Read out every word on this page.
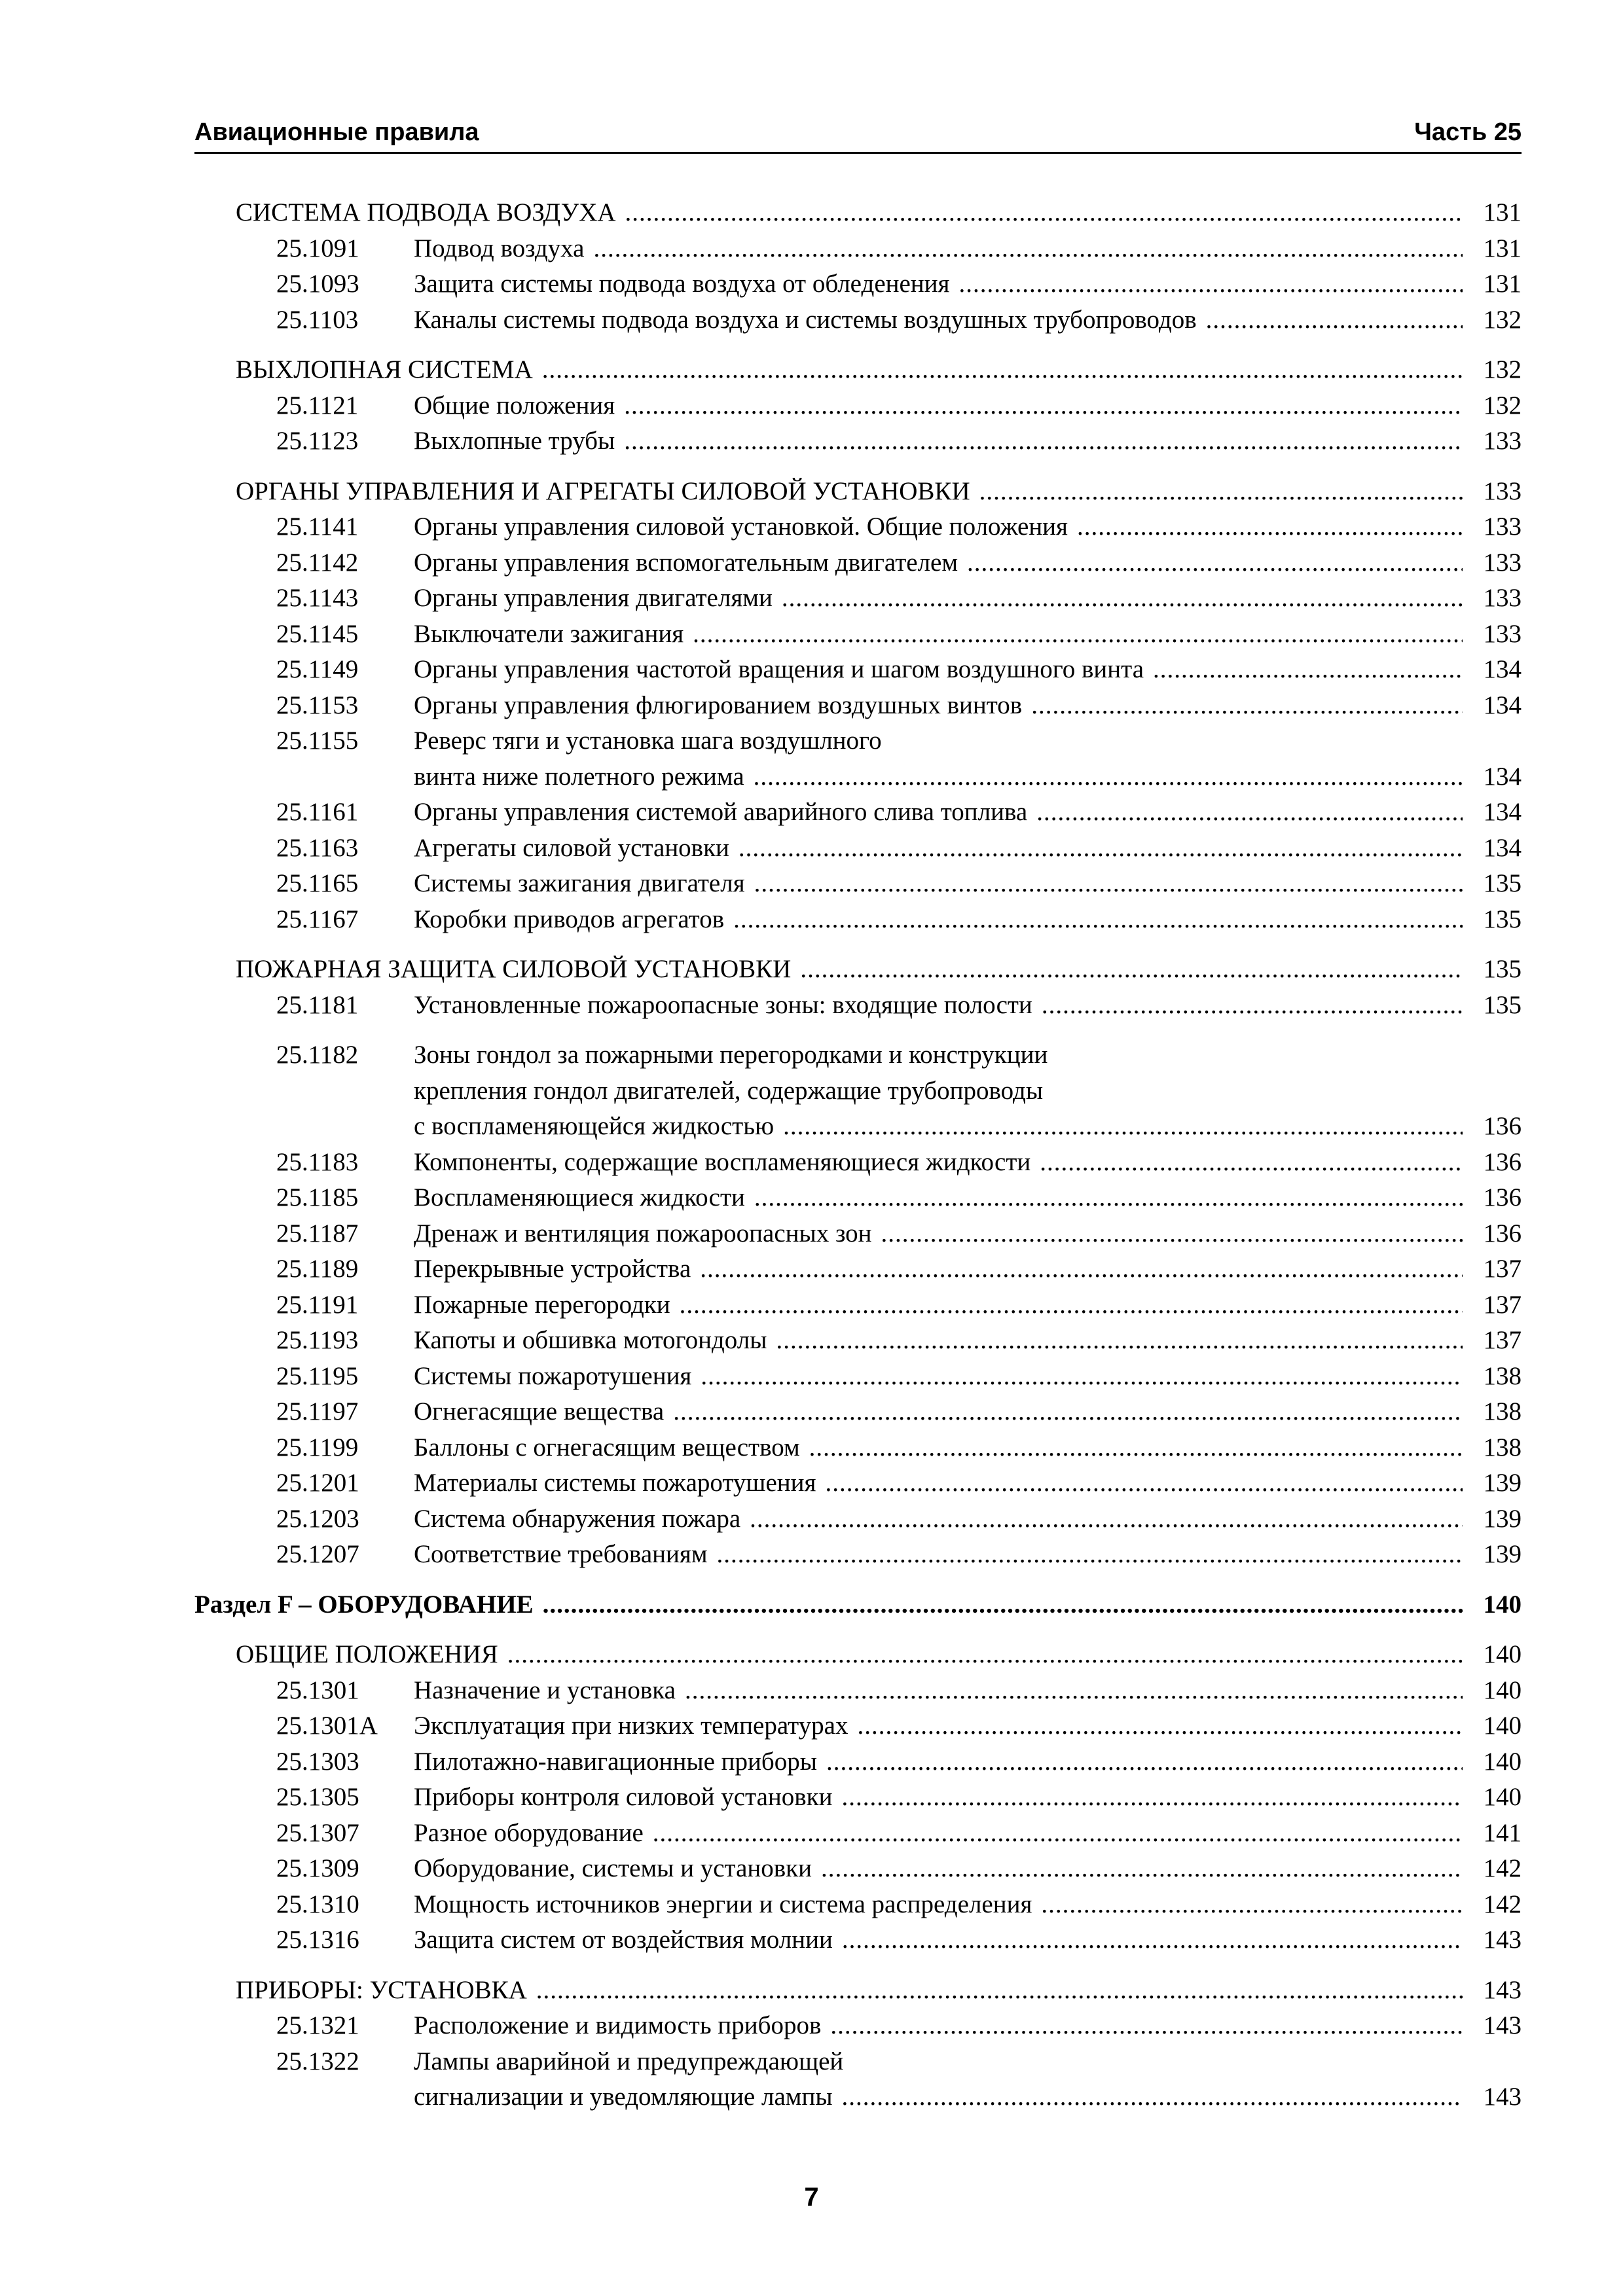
Авиационные правила	Часть 25
СИСТЕМА ПОДВОДА ВОЗДУХА .....	131
25.1091	Подвод воздуха .....	131
25.1093	Защита системы подвода воздуха от обледенения .....	131
25.1103	Каналы системы подвода воздуха и системы воздушных трубопроводов .....	132
ВЫХЛОПНАЯ СИСТЕМА .....	132
25.1121	Общие положения .....	132
25.1123	Выхлопные трубы .....	133
ОРГАНЫ УПРАВЛЕНИЯ И АГРЕГАТЫ СИЛОВОЙ УСТАНОВКИ .....	133
25.1141	Органы управления силовой установкой. Общие положения .....	133
25.1142	Органы управления вспомогательным двигателем .....	133
25.1143	Органы управления двигателями .....	133
25.1145	Выключатели зажигания .....	133
25.1149	Органы управления частотой вращения и шагом воздушного винта .....	134
25.1153	Органы управления флюгированием воздушных винтов .....	134
25.1155	Реверс тяги и установка шага воздушлного
винта ниже полетного режима .....	134
25.1161	Органы управления системой аварийного слива топлива .....	134
25.1163	Агрегаты силовой установки .....	134
25.1165	Системы зажигания двигателя .....	135
25.1167	Коробки приводов агрегатов .....	135
ПОЖАРНАЯ ЗАЩИТА СИЛОВОЙ УСТАНОВКИ .....	135
25.1181	Установленные пожароопасные зоны: входящие полости .....	135
25.1182	Зоны гондол за пожарными перегородками и конструкции
крепления гондол двигателей, содержащие трубопроводы
с воспламеняющейся жидкостью .....	136
25.1183	Компоненты, содержащие воспламеняющиеся жидкости .....	136
25.1185	Воспламеняющиеся жидкости .....	136
25.1187	Дренаж и вентиляция пожароопасных зон .....	136
25.1189	Перекрывные устройства .....	137
25.1191	Пожарные перегородки .....	137
25.1193	Капоты и обшивка мотогондолы .....	137
25.1195	Системы пожаротушения .....	138
25.1197	Огнегасящие вещества .....	138
25.1199	Баллоны с огнегасящим веществом .....	138
25.1201	Материалы системы пожаротушения .....	139
25.1203	Система обнаружения пожара .....	139
25.1207	Соответствие требованиям .....	139
Раздел F – ОБОРУДОВАНИЕ .....	140
ОБЩИЕ ПОЛОЖЕНИЯ .....	140
25.1301	Назначение и установка .....	140
25.1301А	Эксплуатация при низких температурах .....	140
25.1303	Пилотажно-навигационные приборы .....	140
25.1305	Приборы контроля силовой установки .....	140
25.1307	Разное оборудование .....	141
25.1309	Оборудование, системы и установки .....	142
25.1310	Мощность источников энергии и система распределения .....	142
25.1316	Защита систем от воздействия молнии .....	143
ПРИБОРЫ: УСТАНОВКА .....	143
25.1321	Расположение и видимость приборов .....	143
25.1322	Лампы аварийной и предупреждающей
сигнализации и уведомляющие лампы .....	143
7
